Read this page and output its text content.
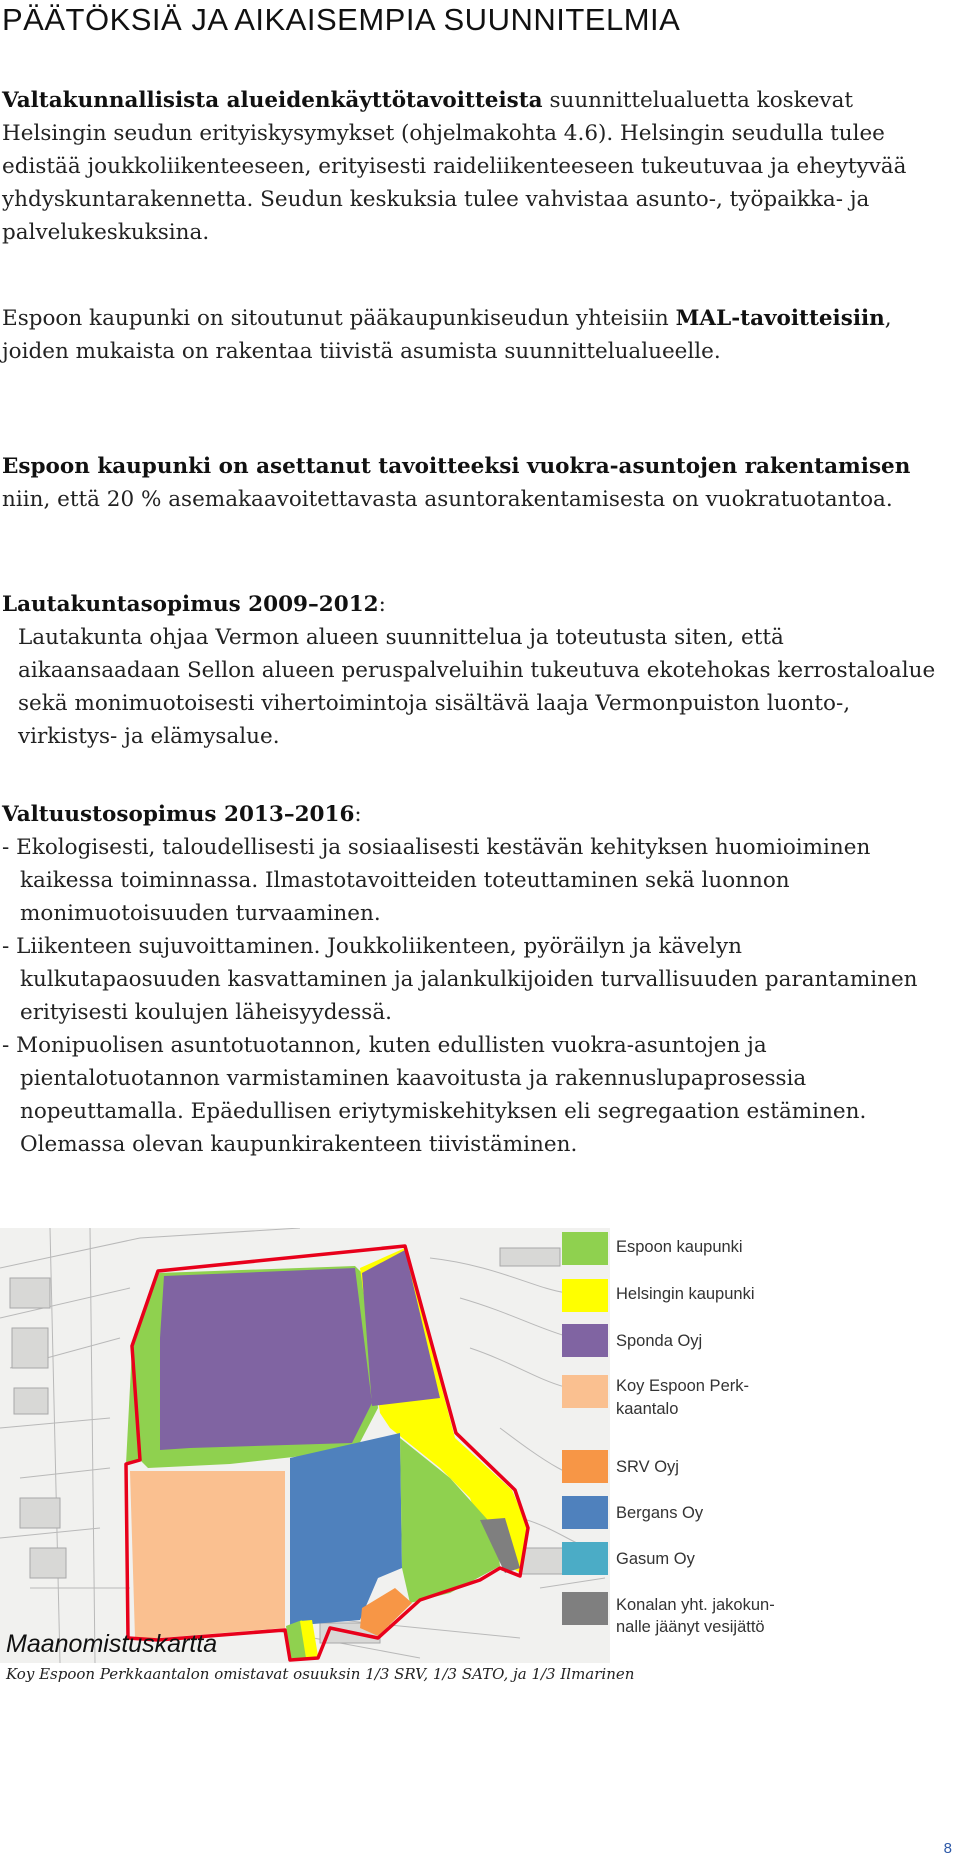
PÄÄTÖKSIÄ JA AIKAISEMPIA SUUNNITELMIA
Valtakunnallisista alueidenkäyttötavoitteista suunnittelualuetta koskevat Helsingin seudun erityiskysymykset (ohjelmakohta 4.6). Helsingin seudulla tulee edistää joukkoliikenteeseen, erityisesti raideliikenteeseen tukeutuvaa ja eheytyvää yhdyskuntarakennetta. Seudun keskuksia tulee vahvistaa asunto-, työpaikka- ja palvelukeskuksina.
Espoon kaupunki on sitoutunut pääkaupunkiseudun yhteisiin MAL-tavoitteisiin, joiden mukaista on rakentaa tiivistä asumista suunnittelualueelle.
Espoon kaupunki on asettanut tavoitteeksi vuokra-asuntojen rakentamisen niin, että 20 % asemakaavoitettavasta asuntorakentamisesta on vuokratuotantoa.
Lautakuntasopimus 2009–2012:
Lautakunta ohjaa Vermon alueen suunnittelua ja toteutusta siten, että aikaansaadaan Sellon alueen peruspalveluihin tukeutuva ekotehokas kerrostaloalue sekä monimuotoisesti vihertoimintoja sisältävä laaja Vermonpuiston luonto-, virkistys- ja elämysalue.
Valtuustosopimus 2013–2016:
- Ekologisesti, taloudellisesti ja sosiaalisesti kestävän kehityksen huomioiminen kaikessa toiminnassa. Ilmastotavoitteiden toteuttaminen sekä luonnon monimuotoisuuden turvaaminen.
- Liikenteen sujuvoittaminen. Joukkoliikenteen, pyöräilyn ja kävelyn kulkutapaosuuden kasvattaminen ja jalankulkijoiden turvallisuuden parantaminen erityisesti koulujen läheisyydessä.
- Monipuolisen asuntotuotannon, kuten edullisten vuokra-asuntojen ja pientalotuotannon varmistaminen kaavoitusta ja rakennuslupaprosessia nopeuttamalla. Epäedullisen eriytymiskehityksen eli segregaation estäminen. Olemassa olevan kaupunkirakenteen tiivistäminen.
Espoon kaupunki
Helsingin kaupunki
Sponda Oyj
Koy Espoon Perk-
kaantalo
SRV Oyj
Bergans Oy
Gasum Oy
Konalan yht. jakokun-
nalle jäänyt vesijättö
Maanomistuskartta
Koy Espoon Perkkaantalon omistavat osuuksin 1/3 SRV, 1/3 SATO, ja 1/3 Ilmarinen
8
